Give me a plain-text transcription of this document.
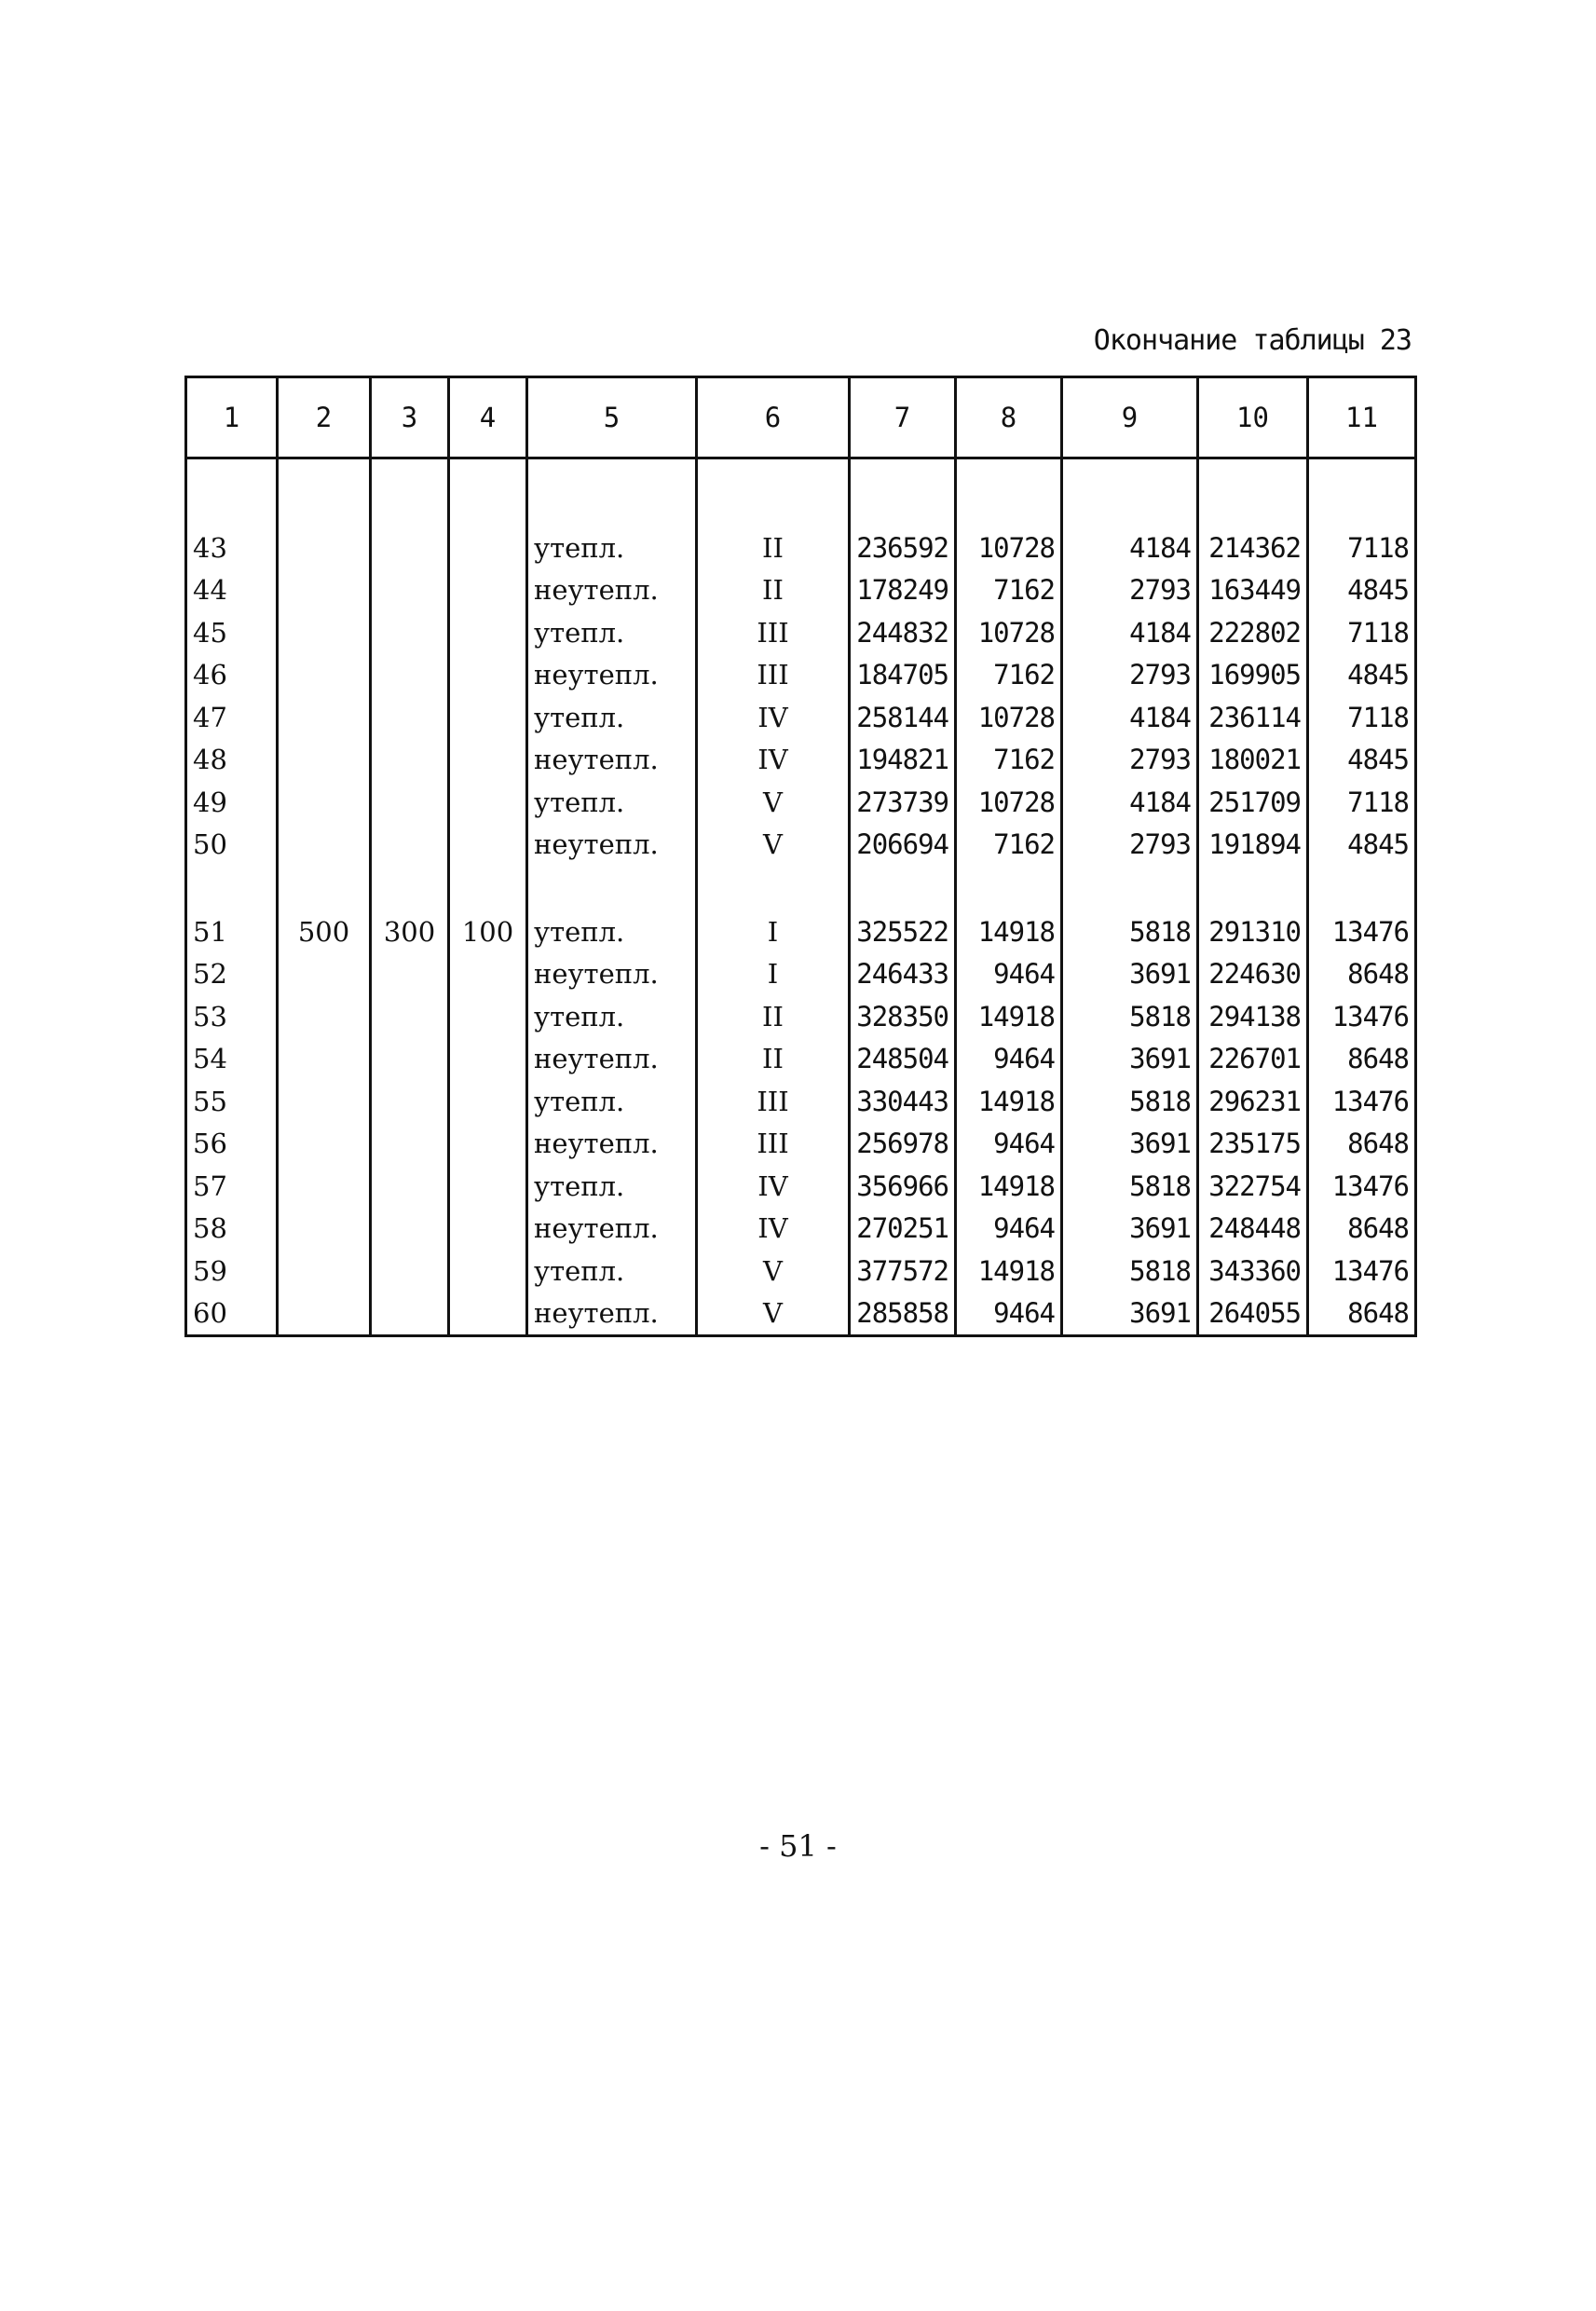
Окончание таблицы 23
1	2	3	4	5	6	7	8	9	10	11

43				утепл.	II	236592	10728	4184	214362	7118
44				неутепл.	II	178249	7162	2793	163449	4845
45				утепл.	III	244832	10728	4184	222802	7118
46				неутепл.	III	184705	7162	2793	169905	4845
47				утепл.	IV	258144	10728	4184	236114	7118
48				неутепл.	IV	194821	7162	2793	180021	4845
49				утепл.	V	273739	10728	4184	251709	7118
50				неутепл.	V	206694	7162	2793	191894	4845

51	500	300	100	утепл.	I	325522	14918	5818	291310	13476
52				неутепл.	I	246433	9464	3691	224630	8648
53				утепл.	II	328350	14918	5818	294138	13476
54				неутепл.	II	248504	9464	3691	226701	8648
55				утепл.	III	330443	14918	5818	296231	13476
56				неутепл.	III	256978	9464	3691	235175	8648
57				утепл.	IV	356966	14918	5818	322754	13476
58				неутепл.	IV	270251	9464	3691	248448	8648
59				утепл.	V	377572	14918	5818	343360	13476
60				неутепл.	V	285858	9464	3691	264055	8648
- 51 -
